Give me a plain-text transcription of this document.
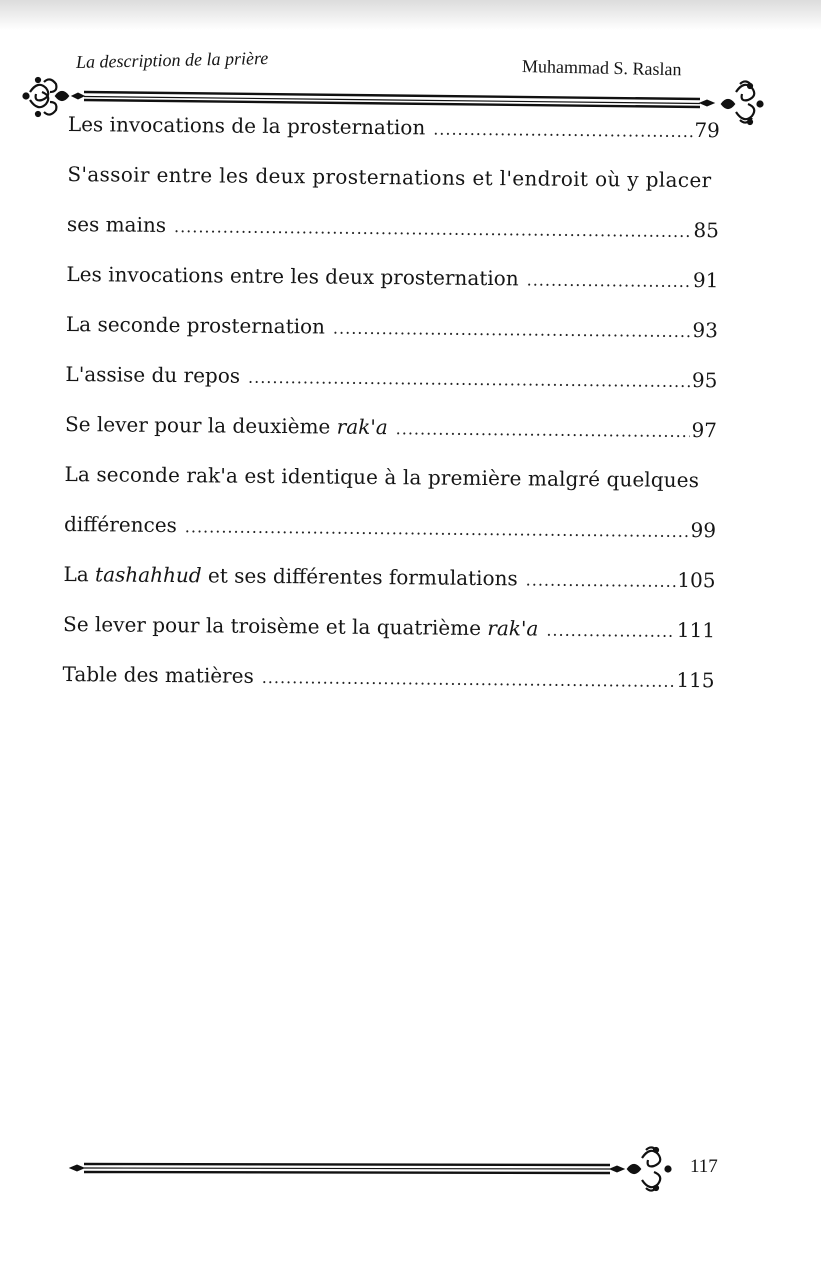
La description de la prière	Muhammad S. Raslan
Les invocations de la prosternation .....	79
S'assoir entre les deux prosternations et l'endroit où y placer
ses mains .....	85
Les invocations entre les deux prosternation .....	91
La seconde prosternation .....	93
L'assise du repos .....	95
Se lever pour la deuxième rak'a .....	97
La seconde rak'a est identique à la première malgré quelques
différences .....	99
La tashahhud et ses différentes formulations .....	105
Se lever pour la troisème et la quatrième rak'a .....	111
Table des matières .....	115
117
